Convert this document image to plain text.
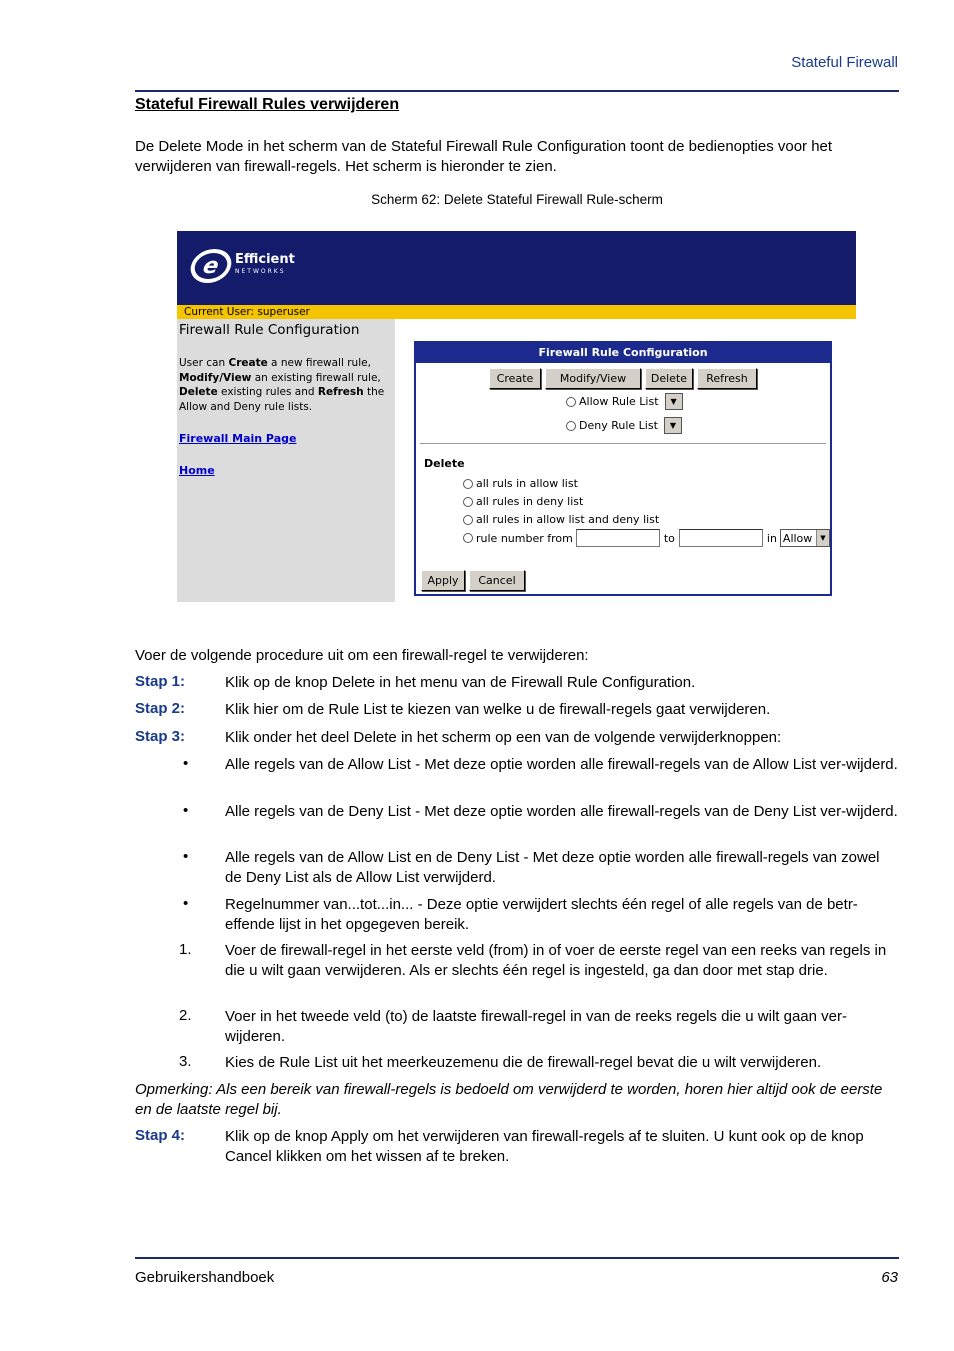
Stateful Firewall
Stateful Firewall Rules verwijderen
De Delete Mode in het scherm van de Stateful Firewall Rule Configuration toont de bedienopties voor het verwijderen van firewall-regels. Het scherm is hieronder te zien.
Scherm 62: Delete Stateful Firewall Rule-scherm
e	Efficient
NETWORKS
Current User: superuser
Firewall Rule Configuration
User can Create a new firewall rule, Modify/View an existing firewall rule, Delete existing rules and Refresh the Allow and Deny rule lists.
Firewall Main Page
Home
Firewall Rule Configuration
Create	Modify/View	Delete	Refresh
Allow Rule List	▼
Deny Rule List	▼
Delete
all ruls in allow list
all rules in deny list
all rules in allow list and deny list
rule number from	to	in Allow	▼
Apply	Cancel
Voer de volgende procedure uit om een firewall-regel te verwijderen:
Stap 1:	Klik op de knop Delete in het menu van de Firewall Rule Configuration.
Stap 2:	Klik hier om de Rule List te kiezen van welke u de firewall-regels gaat verwijderen.
Stap 3:	Klik onder het deel Delete in het scherm op een van de volgende verwijderknoppen:
• Alle regels van de Allow List - Met deze optie worden alle firewall-regels van de Allow List ver-wijderd.
• Alle regels van de Deny List - Met deze optie worden alle firewall-regels van de Deny List ver-wijderd.
• Alle regels van de Allow List en de Deny List - Met deze optie worden alle firewall-regels van zowel de Deny List als de Allow List verwijderd.
• Regelnummer van...tot...in... - Deze optie verwijdert slechts één regel of alle regels van de betr-effende lijst in het opgegeven bereik.
1. Voer de firewall-regel in het eerste veld (from) in of voer de eerste regel van een reeks van regels in die u wilt gaan verwijderen. Als er slechts één regel is ingesteld, ga dan door met stap drie.
2. Voer in het tweede veld (to) de laatste firewall-regel in van de reeks regels die u wilt gaan ver-wijderen.
3. Kies de Rule List uit het meerkeuzemenu die de firewall-regel bevat die u wilt verwijderen.
Opmerking: Als een bereik van firewall-regels is bedoeld om verwijderd te worden, horen hier altijd ook de eerste en de laatste regel bij.
Stap 4:	Klik op de knop Apply om het verwijderen van firewall-regels af te sluiten. U kunt ook op de knop Cancel klikken om het wissen af te breken.
Gebruikershandboek	63
